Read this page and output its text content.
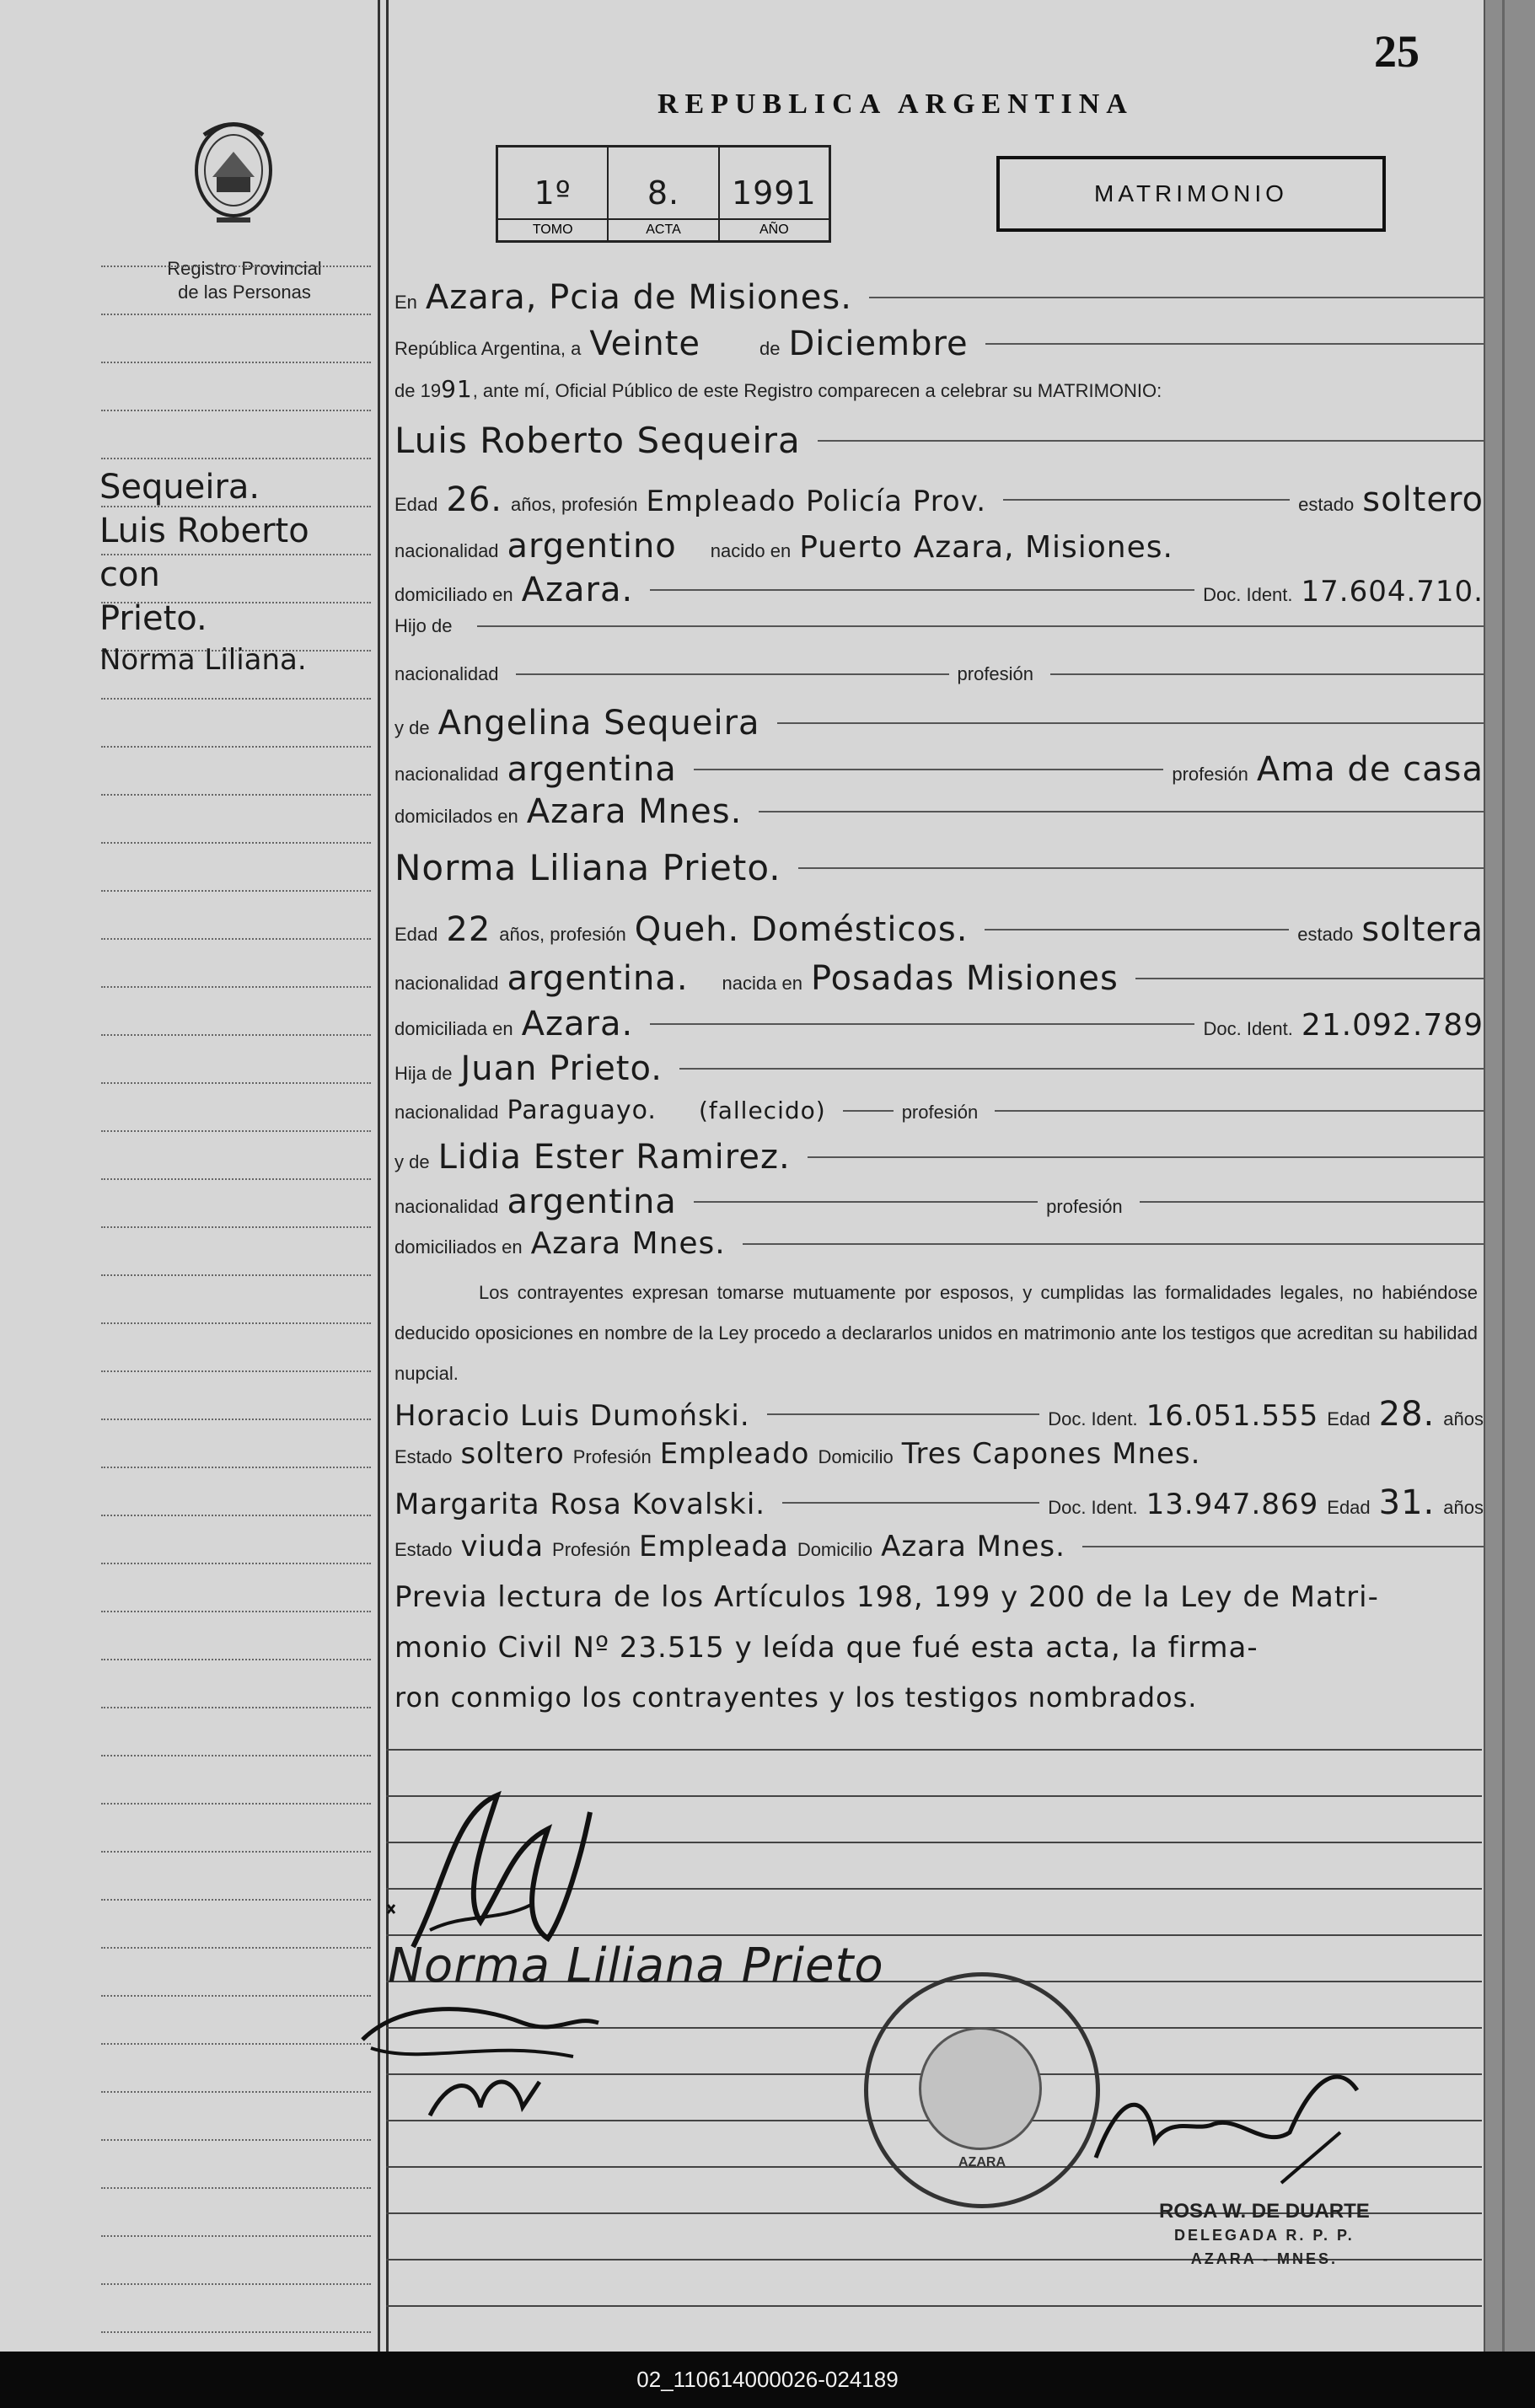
25
REPUBLICA ARGENTINA
1º
TOMO
8.
ACTA
1991
AÑO
MATRIMONIO
Registro Provincial
de las Personas
Sequeira.
Luis Roberto
con
Prieto.
Norma Liliana.
En Azara, Pcia de Misiones.
República Argentina, a Veinte	de Diciembre
de 19 91 , ante mí, Oficial Público de este Registro comparecen a celebrar su MATRIMONIO:
Luis Roberto Sequeira
Edad 26. años, profesión Empleado Policía Prov.	estado soltero
nacionalidad argentino nacido en Puerto Azara, Misiones.
domiciliado en Azara.	Doc. Ident. 17.604.710.
Hijo de
nacionalidad	profesión
y de Angelina Sequeira
nacionalidad argentina	profesión Ama de casa
domicilados en Azara Mnes.
Norma Liliana Prieto.
Edad 22 años, profesión Queh. Domésticos.	estado soltera
nacionalidad argentina. nacida en Posadas Misiones
domiciliada en Azara.	Doc. Ident. 21.092.789
Hija de Juan Prieto.
nacionalidad Paraguayo. (fallecido)	profesión
y de Lidia Ester Ramirez.
nacionalidad argentina	profesión
domiciliados en Azara Mnes.
Los contrayentes expresan tomarse mutuamente por esposos, y cumplidas las formalidades legales, no habiéndose deducido oposiciones en nombre de la Ley procedo a declararlos unidos en matrimonio ante los testigos que acreditan su habilidad nupcial.
Horacio Luis Dumoński.	Doc. Ident. 16.051.555 Edad 28. años
Estado soltero Profesión Empleado Domicilio Tres Capones Mnes.
Margarita Rosa Kovalski.	Doc. Ident. 13.947.869 Edad 31. años
Estado viuda Profesión Empleada Domicilio Azara Mnes.
Previa lectura de los Artículos 198, 199 y 200 de la Ley de Matri-
monio Civil Nº 23.515 y leída que fué esta acta, la firma-
ron conmigo los contrayentes y los testigos nombrados.
Norma Liliana Prieto
AZARA
ROSA W. DE DUARTE
DELEGADA R. P. P.
AZARA - MNES.
02_110614000026-024189
